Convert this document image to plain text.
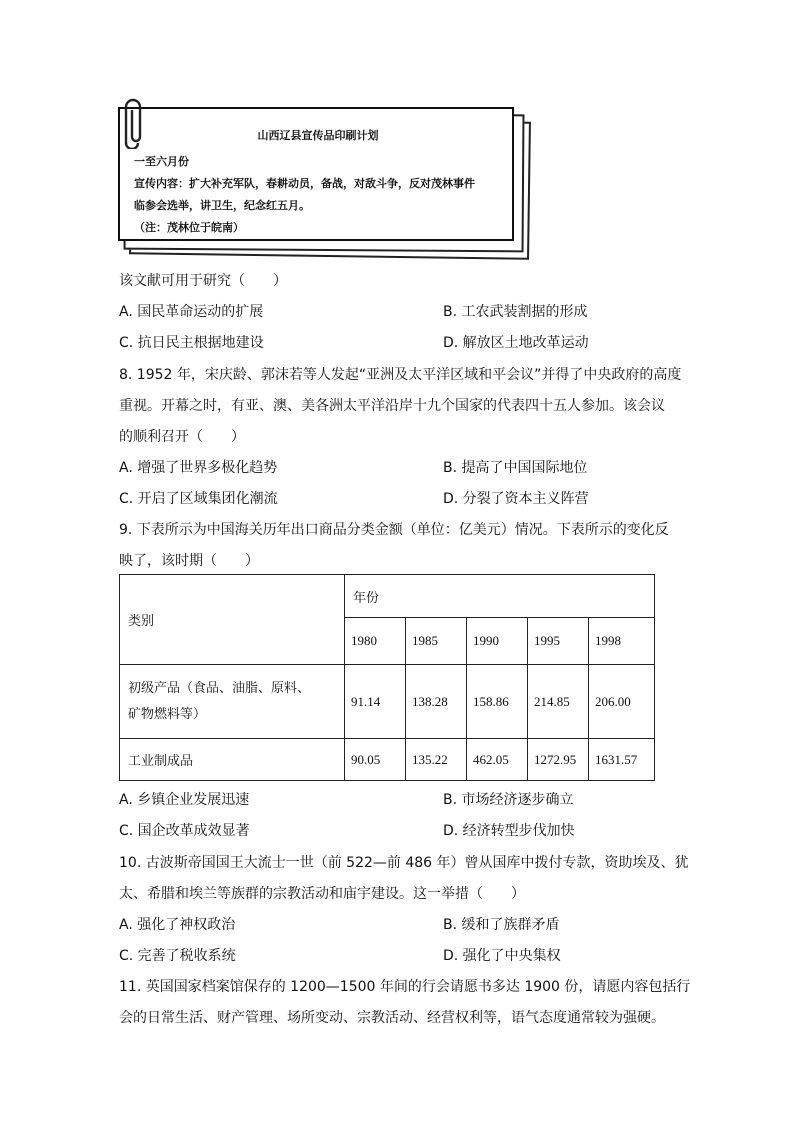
山西辽县宣传品印刷计划
一至六月份
宣传内容：扩大补充军队，春耕动员，备战，对敌斗争，反对茂林事件
临参会选举，讲卫生，纪念红五月。
（注：茂林位于皖南）
该文献可用于研究（　　）
A. 国民革命运动的扩展	B. 工农武装割据的形成
C. 抗日民主根据地建设	D. 解放区土地改革运动
8. 1952 年，宋庆龄、郭沫若等人发起“亚洲及太平洋区域和平会议”并得了中央政府的高度
重视。开幕之时，有亚、澳、美各洲太平洋沿岸十九个国家的代表四十五人参加。该会议
的顺利召开（　　）
A. 增强了世界多极化趋势	B. 提高了中国国际地位
C. 开启了区域集团化潮流	D. 分裂了资本主义阵营
9. 下表所示为中国海关历年出口商品分类金额（单位：亿美元）情况。下表所示的变化反
映了，该时期（　　）
类别	年份				
	1980	1985	1990	1995	1998

初级产品（食品、油脂、原料、
矿物燃料等）	91.14	138.28	158.86	214.85	206.00
工业制成品	90.05	135.22	462.05	1272.95	1631.57
A. 乡镇企业发展迅速	B. 市场经济逐步确立
C. 国企改革成效显著	D. 经济转型步伐加快
10. 古波斯帝国国王大流士一世（前 522—前 486 年）曾从国库中拨付专款，资助埃及、犹
太、希腊和埃兰等族群的宗教活动和庙宇建设。这一举措（　　）
A. 强化了神权政治	B. 缓和了族群矛盾
C. 完善了税收系统	D. 强化了中央集权
11. 英国国家档案馆保存的 1200—1500 年间的行会请愿书多达 1900 份，请愿内容包括行
会的日常生活、财产管理、场所变动、宗教活动、经营权利等，语气态度通常较为强硬。
